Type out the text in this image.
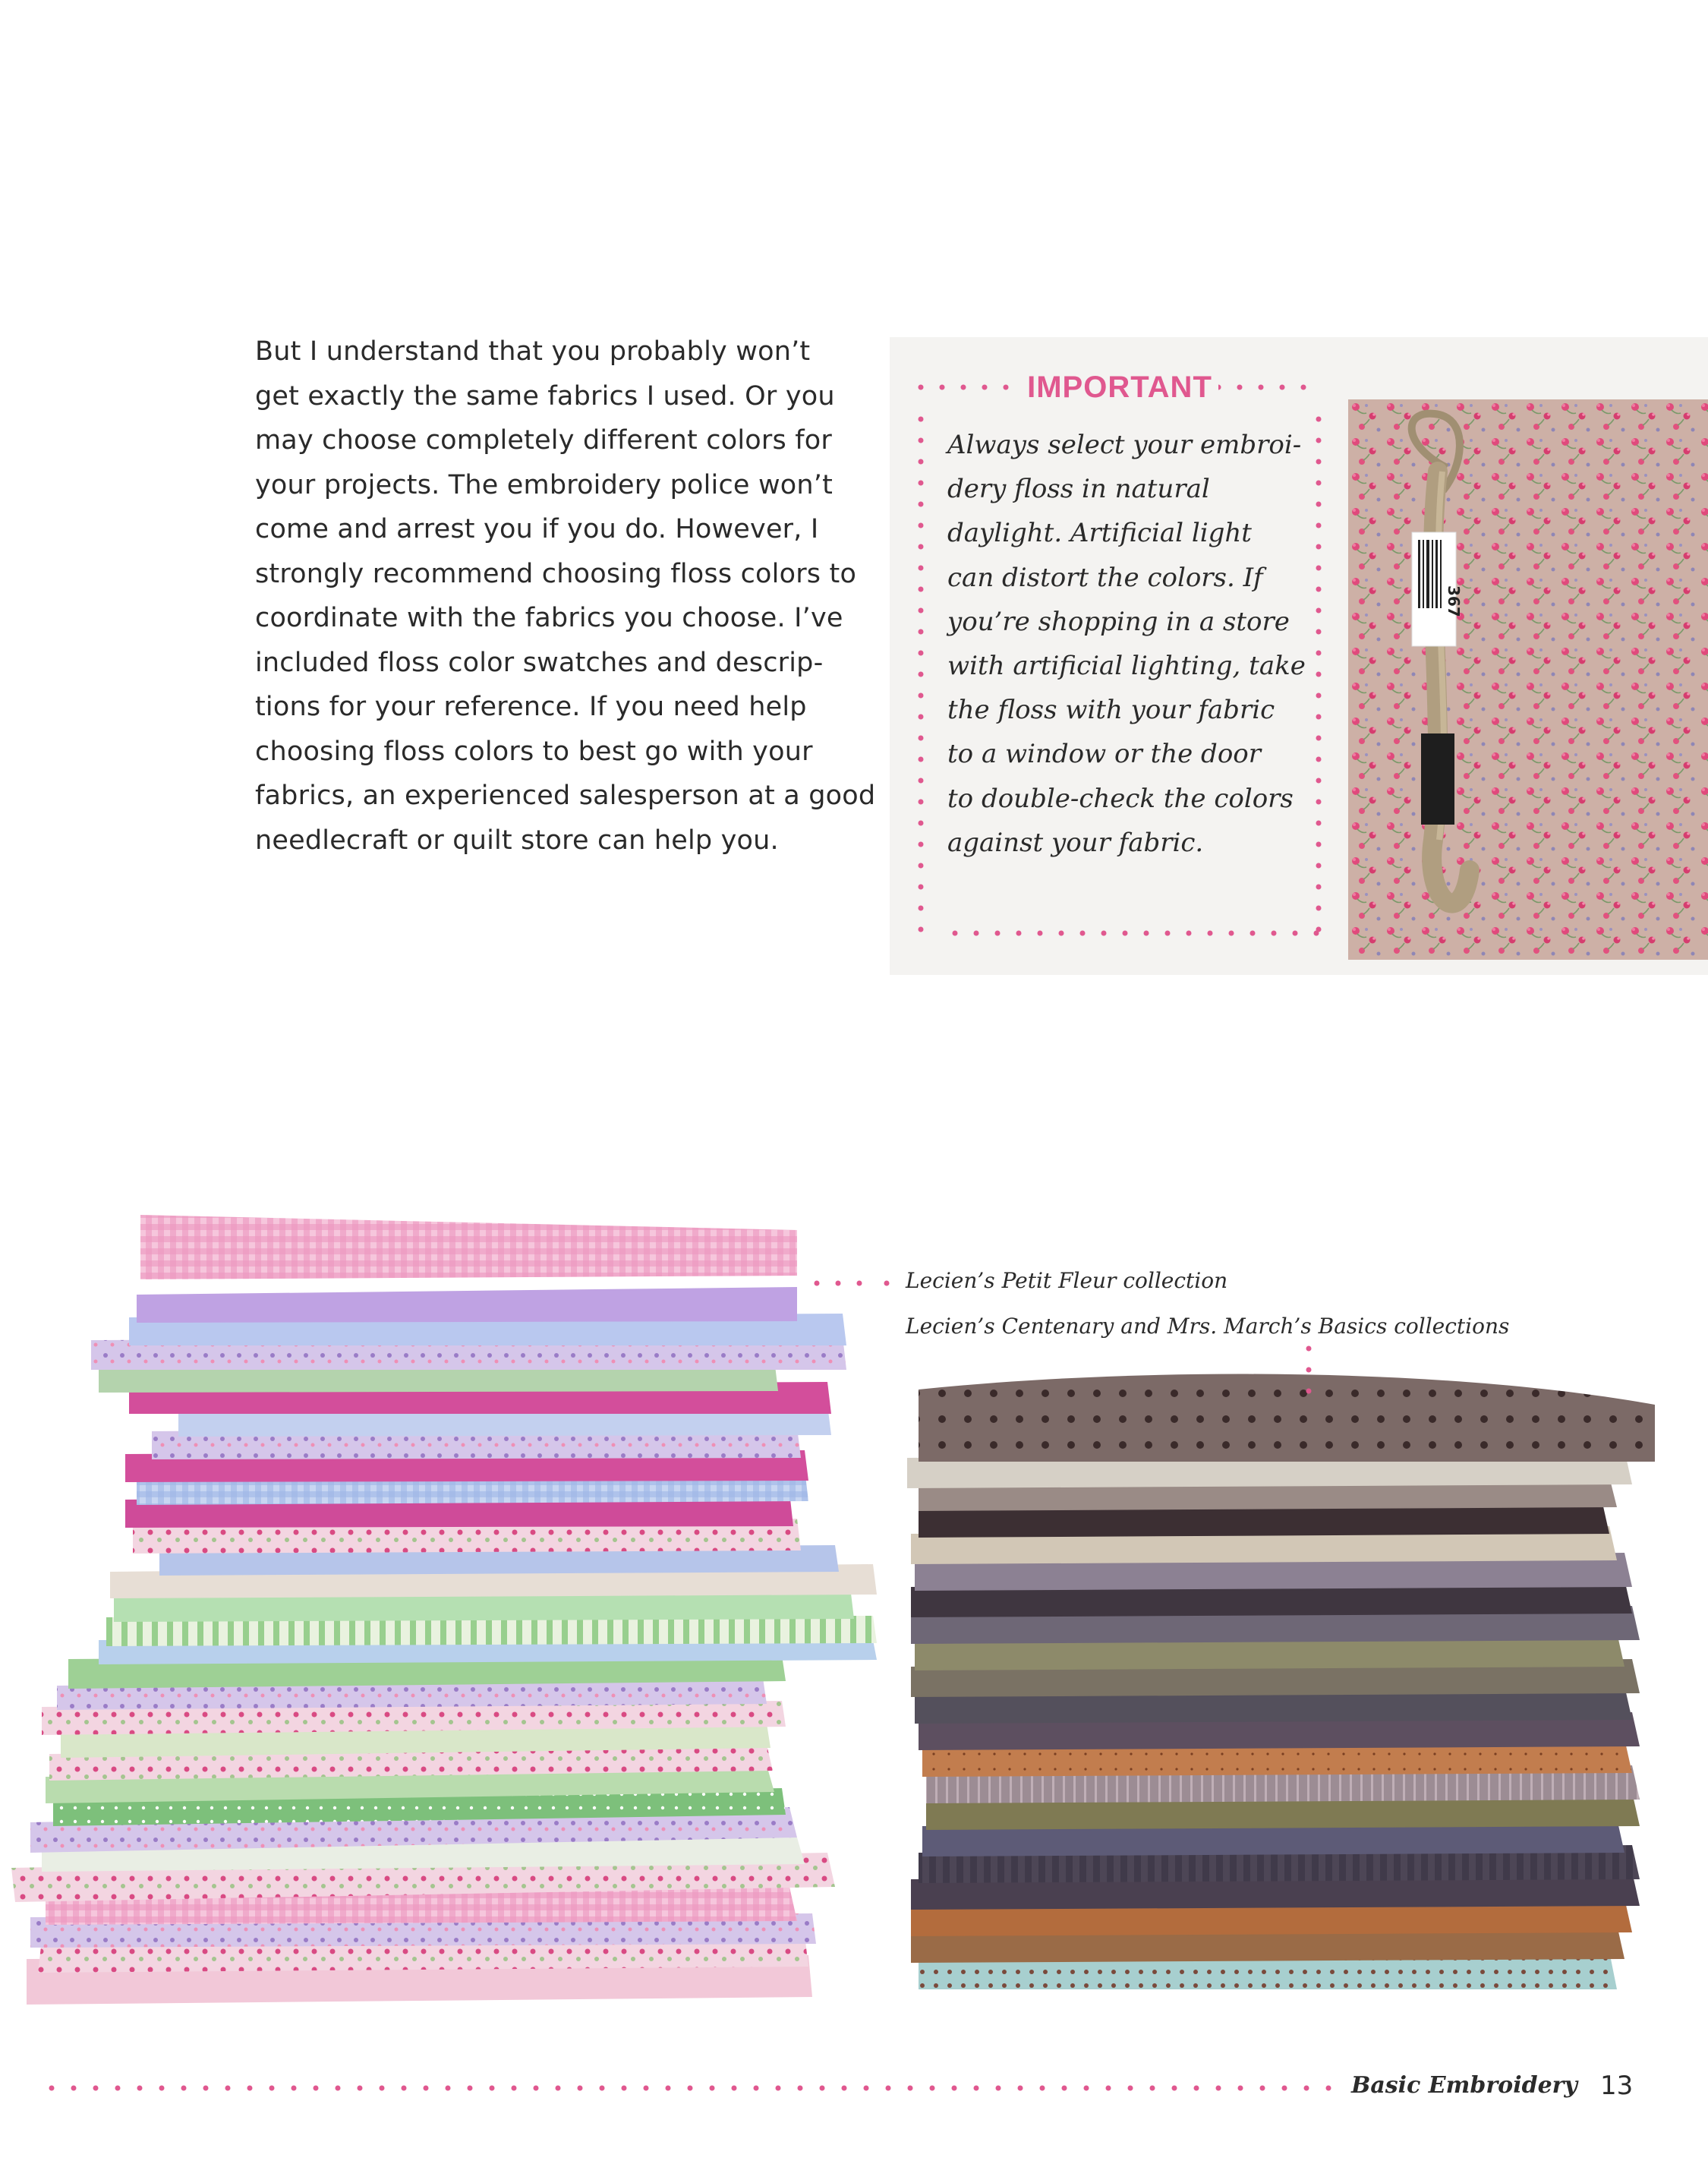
But I understand that you probably won’t
get exactly the same fabrics I used. Or you
may choose completely different colors for
your projects. The embroidery police won’t
come and arrest you if you do. However, I
strongly recommend choosing floss colors to
coordinate with the fabrics you choose. I’ve
included floss color swatches and descrip-
tions for your reference. If you need help
choosing floss colors to best go with your
fabrics, an experienced salesperson at a good
needlecraft or quilt store can help you.
IMPORTANT
Always select your embroi-
dery floss in natural
daylight. Artificial light
can distort the colors. If
you’re shopping in a store
with artificial lighting, take
the floss with your fabric
to a window or the door
to double-check the colors
against your fabric.
367
Lecien’s Petit Fleur collection
Lecien’s Centenary and Mrs. March’s Basics collections
Basic Embroidery 13
